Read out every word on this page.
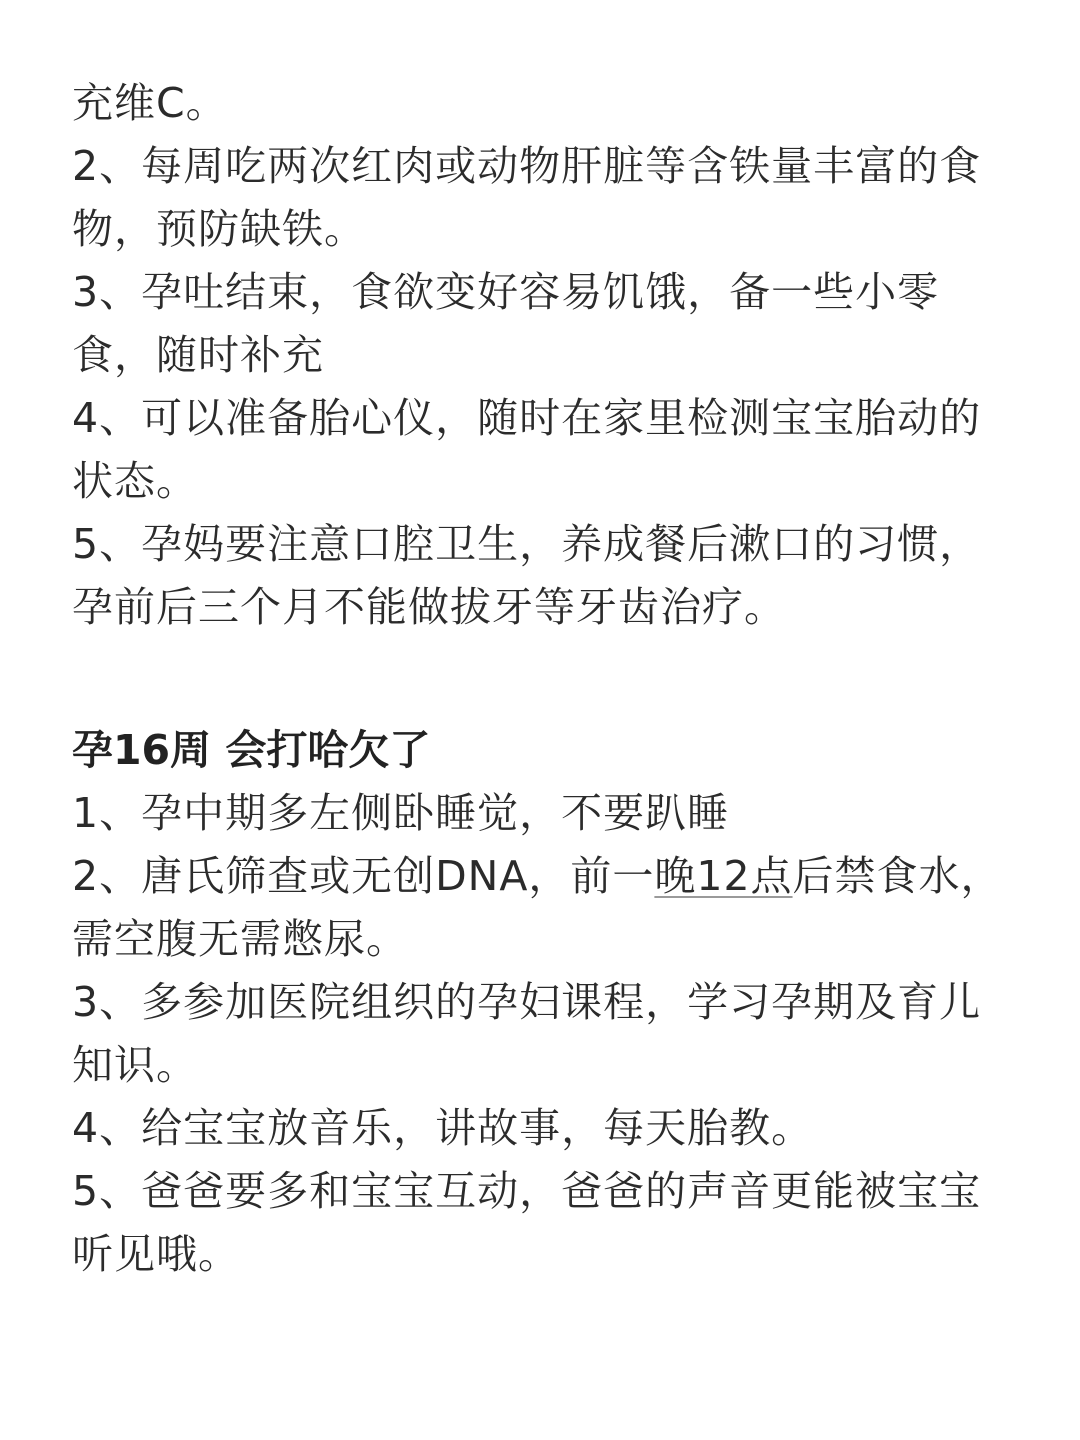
充维C。

2、每周吃两次红肉或动物肝脏等含铁量丰富的食物，预防缺铁。

3、孕吐结束，食欲变好容易饥饿，备一些小零食，随时补充

4、可以准备胎心仪，随时在家里检测宝宝胎动的状态。

5、孕妈要注意口腔卫生，养成餐后漱口的习惯，孕前后三个月不能做拔牙等牙齿治疗。

孕16周 会打哈欠了

1、孕中期多左侧卧睡觉，不要趴睡

2、唐氏筛查或无创DNA，前一晚12点后禁食水，需空腹无需憋尿。

3、多参加医院组织的孕妇课程，学习孕期及育儿知识。

4、给宝宝放音乐，讲故事，每天胎教。

5、爸爸要多和宝宝互动，爸爸的声音更能被宝宝听见哦。
